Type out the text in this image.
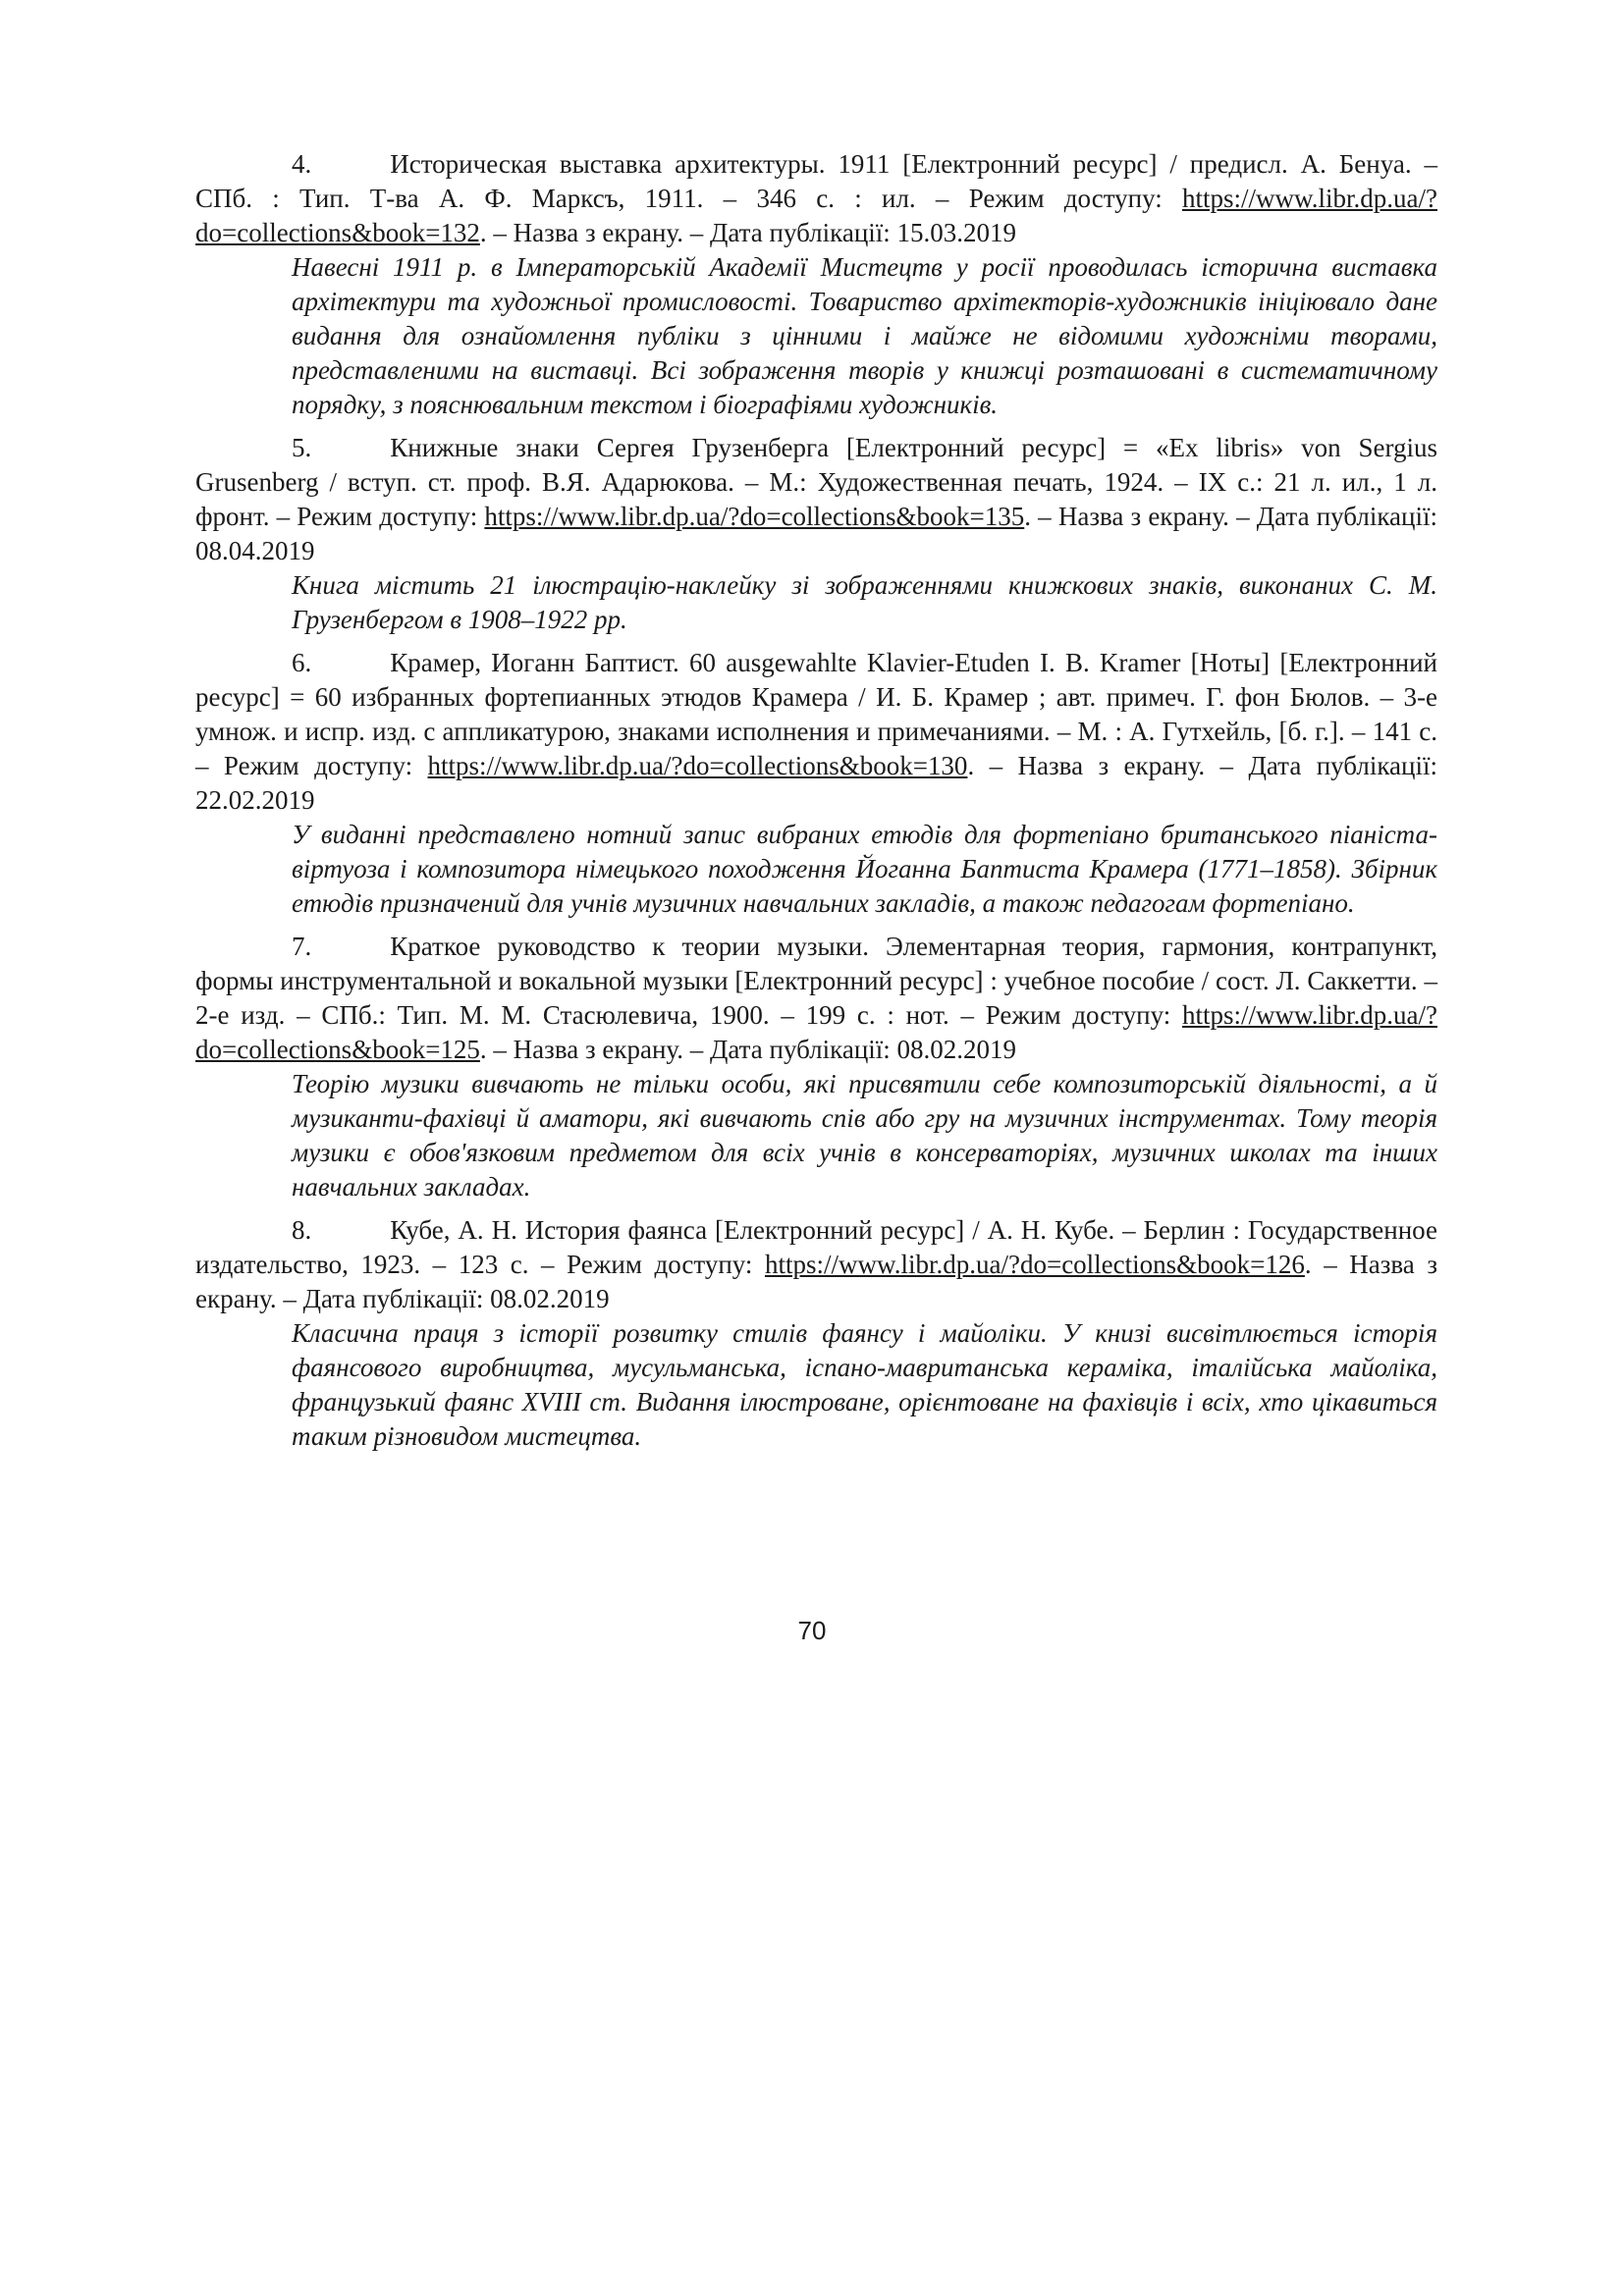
4.	Историческая выставка архитектуры. 1911 [Електронний ресурс] / предисл. А. Бенуа. – СПб. : Тип. Т-ва А. Ф. Марксъ, 1911. – 346 с. : ил. – Режим доступу: https://www.libr.dp.ua/?do=collections&book=132. – Назва з екрану. – Дата публікації: 15.03.2019

Навесні 1911 р. в Імператорській Академії Мистецтв у росії проводилась історична виставка архітектури та художньої промисловості. Товариство архітекторів-художників ініціювало дане видання для ознайомлення публіки з цінними і майже не відомими художніми творами, представленими на виставці. Всі зображення творів у книжці розташовані в систематичному порядку, з пояснювальним текстом і біографіями художників.

5.	Книжные знаки Сергея Грузенберга [Електронний ресурс] = «Ex libris» von Sergius Grusenberg / вступ. ст. проф. В.Я. Адарюкова. – М.: Художественная печать, 1924. – IX с.: 21 л. ил., 1 л. фронт. – Режим доступу: https://www.libr.dp.ua/?do=collections&book=135. – Назва з екрану. – Дата публікації: 08.04.2019

Книга містить 21 ілюстрацію-наклейку зі зображеннями книжкових знаків, виконаних С. М. Грузенбергом в 1908–1922 рр.

6.	Крамер, Иоганн Баптист. 60 ausgewahlte Klavier-Etuden I. B. Kramer [Ноты] [Електронний ресурс] = 60 избранных фортепианных этюдов Крамера / И. Б. Крамер ; авт. примеч. Г. фон Бюлов. – 3-е умнож. и испр. изд. с аппликатурою, знаками исполнения и примечаниями. – М. : А. Гутхейль, [б. г.]. – 141 с. – Режим доступу: https://www.libr.dp.ua/?do=collections&book=130. – Назва з екрану. – Дата публікації: 22.02.2019

У виданні представлено нотний запис вибраних етюдів для фортепіано британського піаніста-віртуоза і композитора німецького походження Йоганна Баптиста Крамера (1771–1858). Збірник етюдів призначений для учнів музичних навчальних закладів, а також педагогам фортепіано.

7.	Краткое руководство к теории музыки. Элементарная теория, гармония, контрапункт, формы инструментальной и вокальной музыки [Електронний ресурс] : учебное пособие / сост. Л. Саккетти. – 2-е изд. – СПб.: Тип. М. М. Стасюлевича, 1900. – 199 с. : нот. – Режим доступу: https://www.libr.dp.ua/?do=collections&book=125. – Назва з екрану. – Дата публікації: 08.02.2019

Теорію музики вивчають не тільки особи, які присвятили себе композиторській діяльності, а й музиканти-фахівці й аматори, які вивчають спів або гру на музичних інструментах. Тому теорія музики є обов'язковим предметом для всіх учнів в консерваторіях, музичних школах та інших навчальних закладах.

8.	Кубе, А. Н. История фаянса [Електронний ресурс] / А. Н. Кубе. – Берлин : Государственное издательство, 1923. – 123 с. – Режим доступу: https://www.libr.dp.ua/?do=collections&book=126. – Назва з екрану. – Дата публікації: 08.02.2019

Класична праця з історії розвитку стилів фаянсу і майоліки. У книзі висвітлюється історія фаянсового виробництва, мусульманська, іспано-мавританська кераміка, італійська майоліка, французький фаянс XVIII ст. Видання ілюстроване, орієнтоване на фахівців і всіх, хто цікавиться таким різновидом мистецтва.

70
